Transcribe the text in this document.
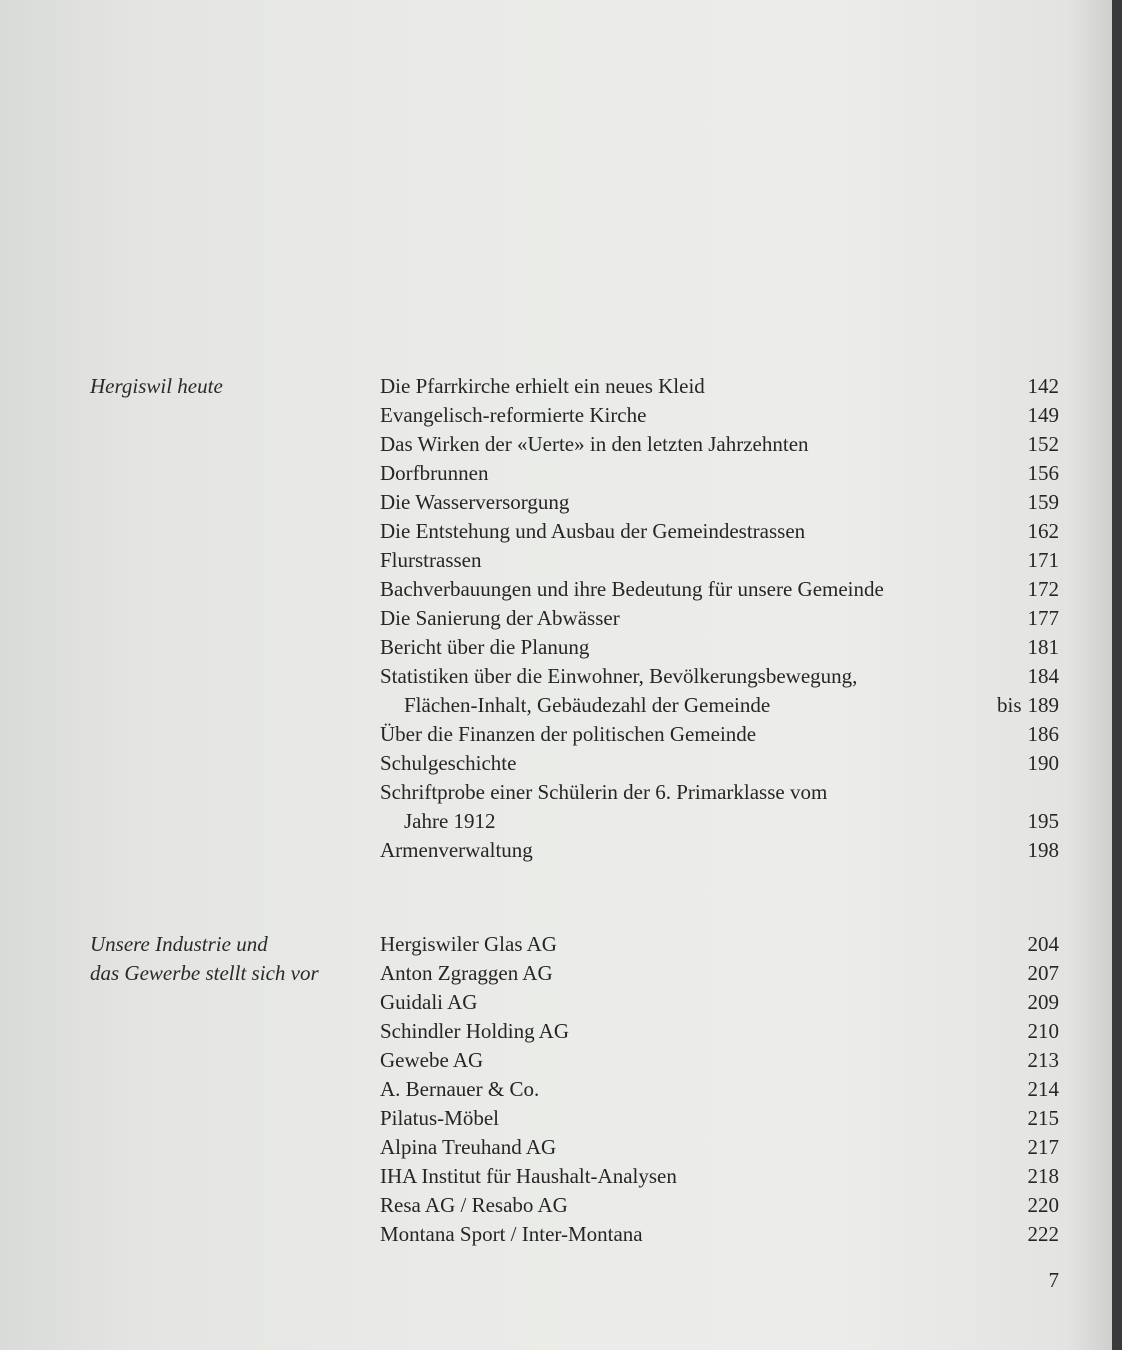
Hergiswil heute	Die Pfarrkirche erhielt ein neues Kleid	142
Evangelisch-reformierte Kirche	149
Das Wirken der «Uerte» in den letzten Jahrzehnten	152
Dorfbrunnen	156
Die Wasserversorgung	159
Die Entstehung und Ausbau der Gemeindestrassen	162
Flurstrassen	171
Bachverbauungen und ihre Bedeutung für unsere Gemeinde	172
Die Sanierung der Abwässer	177
Bericht über die Planung	181
Statistiken über die Einwohner, Bevölkerungsbewegung,	184
Flächen-Inhalt, Gebäudezahl der Gemeinde	bis 189
Über die Finanzen der politischen Gemeinde	186
Schulgeschichte	190
Schriftprobe einer Schülerin der 6. Primarklasse vom
Jahre 1912	195
Armenverwaltung	198
Unsere Industrie und
das Gewerbe stellt sich vor
Hergiswiler Glas AG	204
Anton Zgraggen AG	207
Guidali AG	209
Schindler Holding AG	210
Gewebe AG	213
A. Bernauer & Co.	214
Pilatus-Möbel	215
Alpina Treuhand AG	217
IHA Institut für Haushalt-Analysen	218
Resa AG / Resabo AG	220
Montana Sport / Inter-Montana	222
7
